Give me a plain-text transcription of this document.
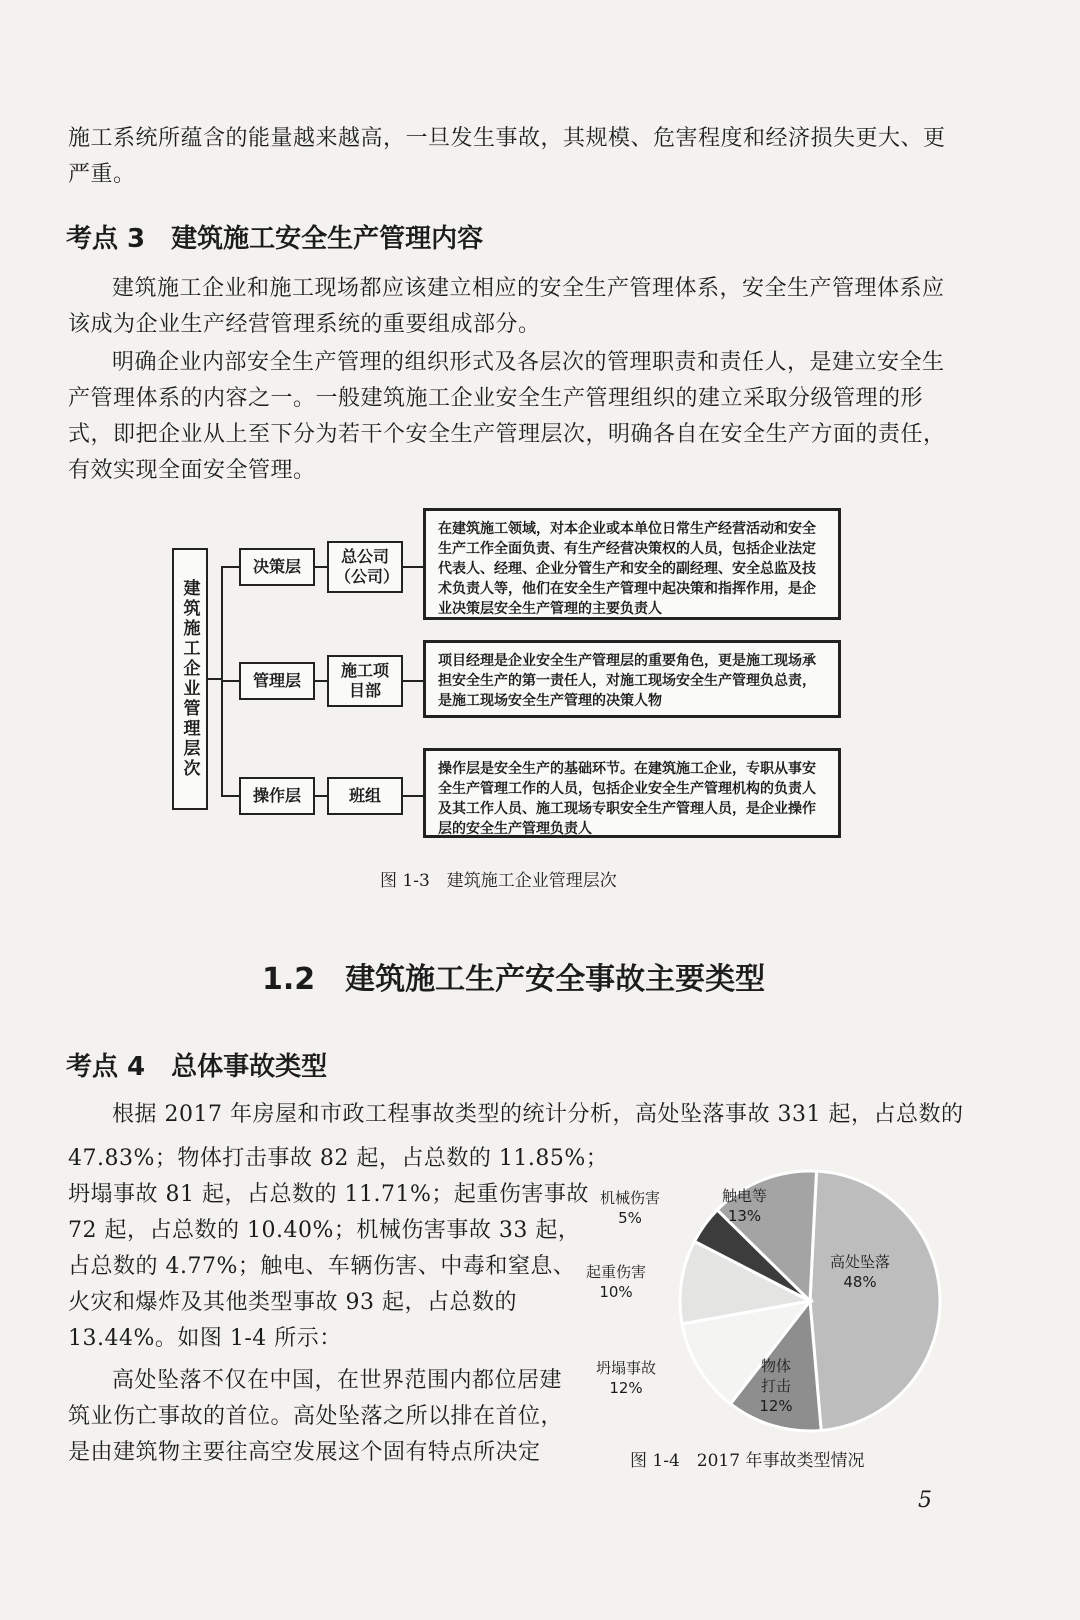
施工系统所蕴含的能量越来越高，一旦发生事故，其规模、危害程度和经济损失更大、更
严重。
考点 3　建筑施工安全生产管理内容
建筑施工企业和施工现场都应该建立相应的安全生产管理体系，安全生产管理体系应
该成为企业生产经营管理系统的重要组成部分。
明确企业内部安全生产管理的组织形式及各层次的管理职责和责任人，是建立安全生
产管理体系的内容之一。一般建筑施工企业安全生产管理组织的建立采取分级管理的形
式，即把企业从上至下分为若干个安全生产管理层次，明确各自在安全生产方面的责任，
有效实现全面安全管理。
建筑施工企业管理层次
决策层
总公司（公司）
在建筑施工领域，对本企业或本单位日常生产经营活动和安全生产工作全面负责、有生产经营决策权的人员，包括企业法定代表人、经理、企业分管生产和安全的副经理、安全总监及技术负责人等，他们在安全生产管理中起决策和指挥作用，是企业决策层安全生产管理的主要负责人
管理层
施工项目部
项目经理是企业安全生产管理层的重要角色，更是施工现场承担安全生产的第一责任人，对施工现场安全生产管理负总责，是施工现场安全生产管理的决策人物
操作层	班组
操作层是安全生产的基础环节。在建筑施工企业，专职从事安全生产管理工作的人员，包括企业安全生产管理机构的负责人及其工作人员、施工现场专职安全生产管理人员，是企业操作层的安全生产管理负责人
图 1-3　建筑施工企业管理层次
1.2　建筑施工生产安全事故主要类型
考点 4　总体事故类型
根据 2017 年房屋和市政工程事故类型的统计分析，高处坠落事故 331 起，占总数的
47.83%；物体打击事故 82 起，占总数的 11.85%；
坍塌事故 81 起，占总数的 11.71%；起重伤害事故
72 起，占总数的 10.40%；机械伤害事故 33 起，
占总数的 4.77%；触电、车辆伤害、中毒和窒息、
火灾和爆炸及其他类型事故 93 起，占总数的
13.44%。如图 1-4 所示：
高处坠落不仅在中国，在世界范围内都位居建
筑业伤亡事故的首位。高处坠落之所以排在首位，
是由建筑物主要往高空发展这个固有特点所决定
机械伤害
5%
触电等
13%
高处坠落
48%
起重伤害
10%
坍塌事故
12%
物体打击
12%
图 1-4　2017 年事故类型情况
5
